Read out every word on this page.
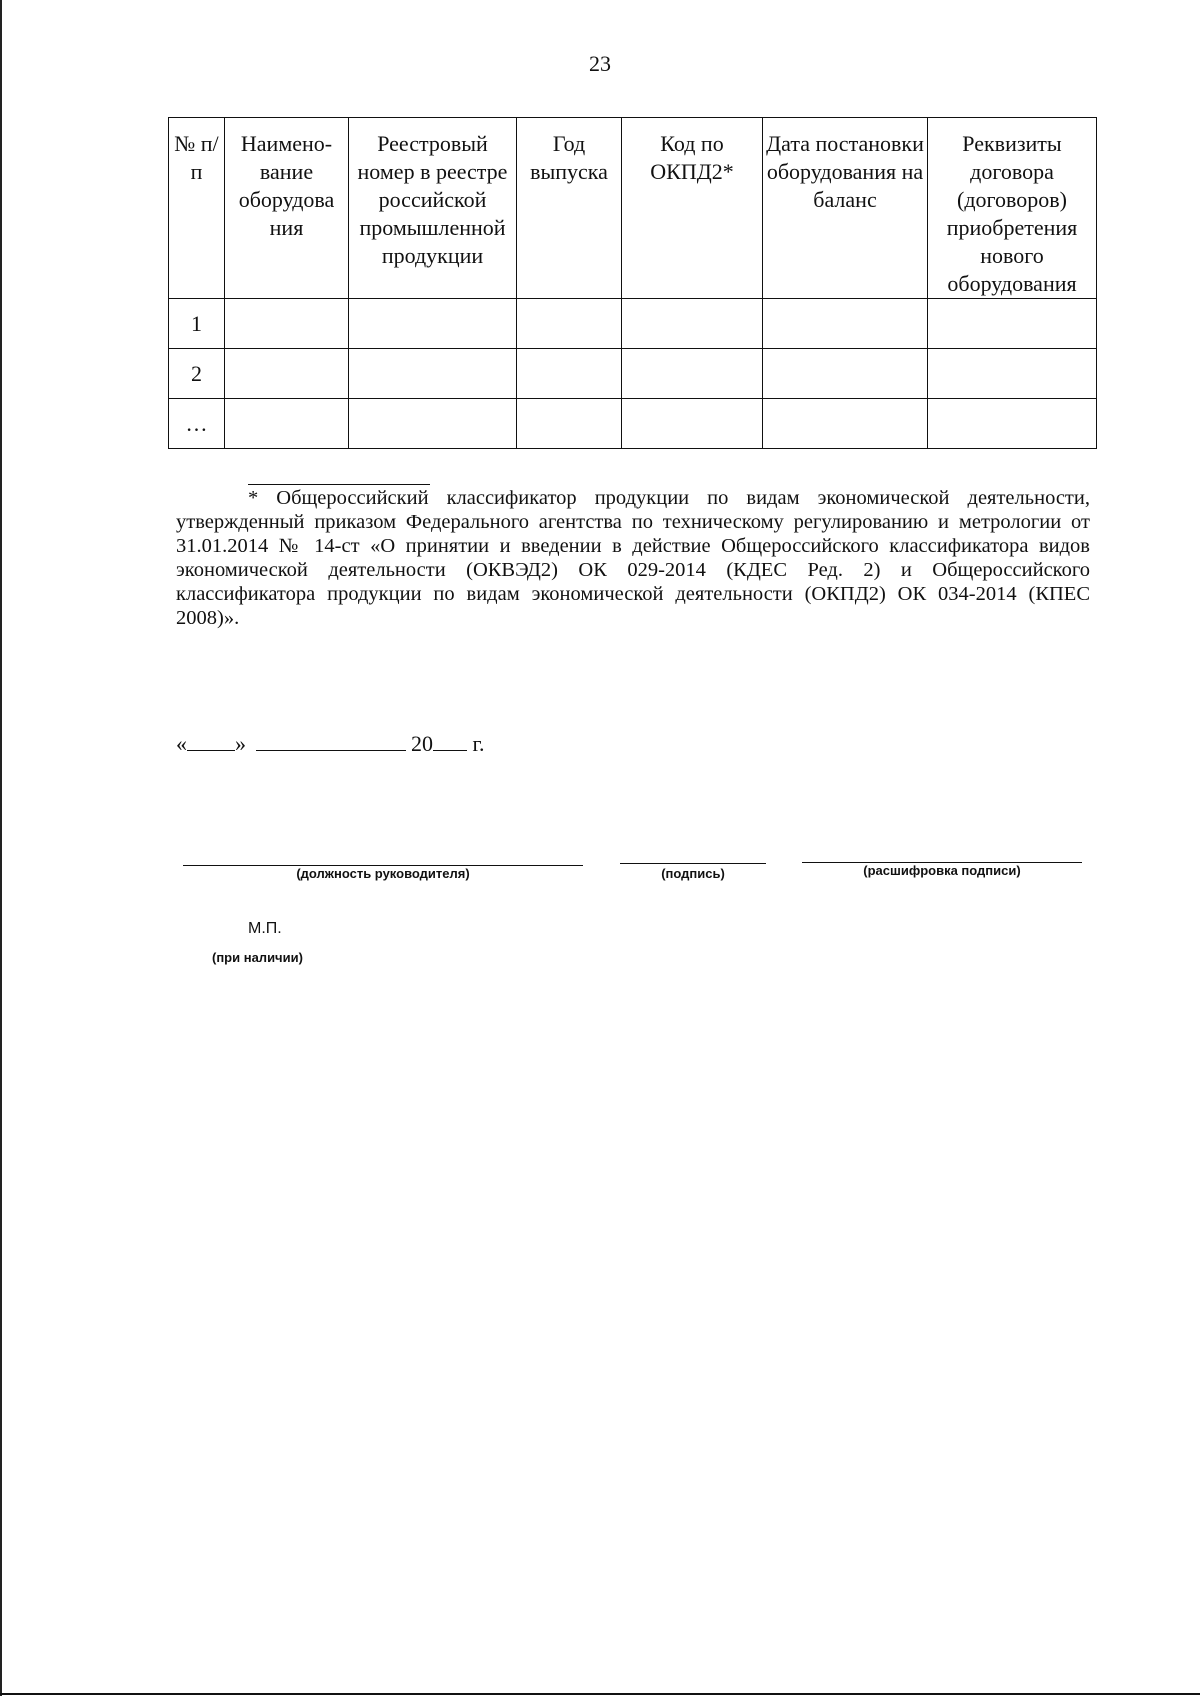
23
№ п/п	Наимено- вание оборудова ния	Реестровый номер в реестре российской промышленной продукции	Год выпуска	Код по ОКПД2*	Дата постановки оборудования на баланс	Реквизиты договора (договоров) приобретения нового оборудования
1						
2						
…						

* Общероссийский классификатор продукции по видам экономической деятельности, утвержденный приказом Федерального агентства по техническому регулированию и метрологии от 31.01.2014 № 14-ст «О принятии и введении в действие Общероссийского классификатора видов экономической деятельности (ОКВЭД2) ОК 029-2014 (КДЕС Ред. 2) и Общероссийского классификатора продукции по видам экономической деятельности (ОКПД2) ОК 034-2014 (КПЕС 2008)».

« »	20 г.
(должность руководителя)	(подпись)	(расшифровка подписи)
М.П.
(при наличии)
